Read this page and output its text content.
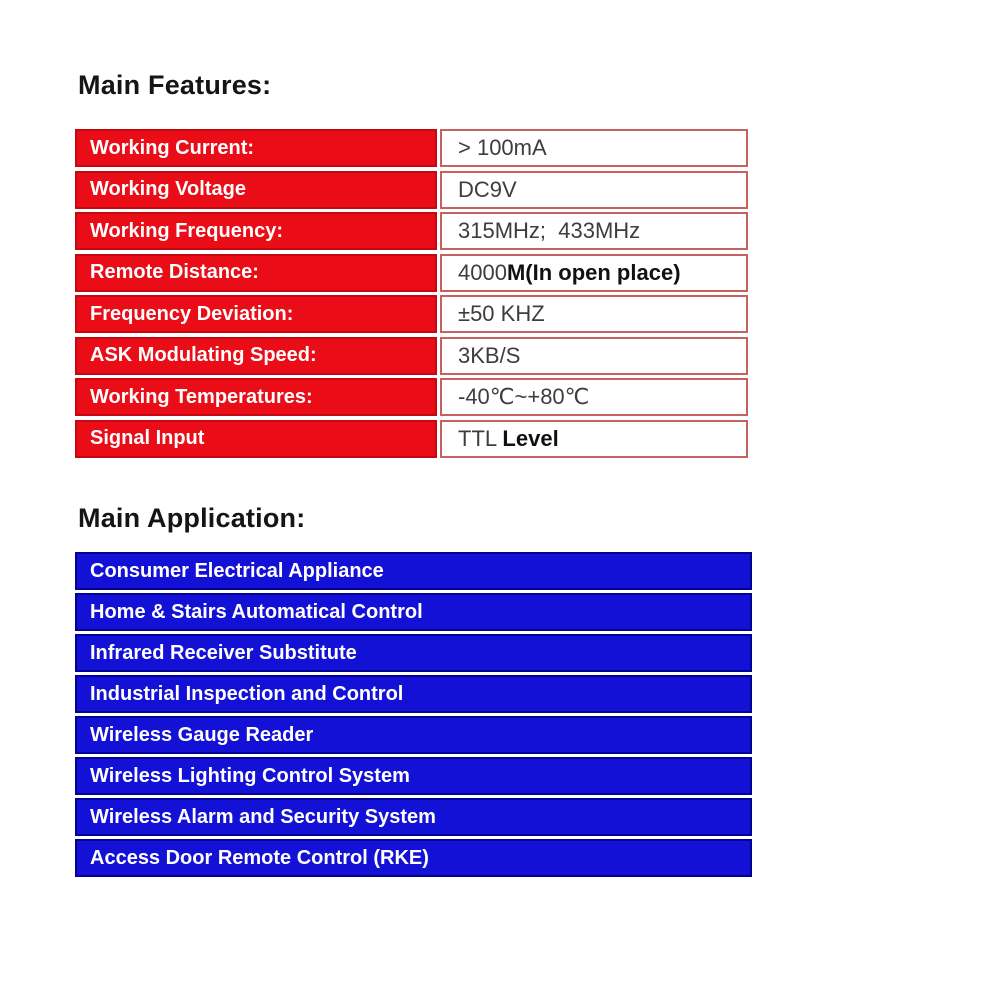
Main Features:
Working Current:	> 100mA
Working Voltage	DC9V
Working Frequency:	315MHz;  433MHz
Remote Distance:	4000 M(In open place)
Frequency Deviation:	±50 KHZ
ASK Modulating Speed:	3KB/S
Working Temperatures:	-40℃~+80℃
Signal Input	TTL Level
Main Application:
Consumer Electrical Appliance
Home & Stairs Automatical Control
Infrared Receiver Substitute
Industrial Inspection and Control
Wireless Gauge Reader
Wireless Lighting Control System
Wireless Alarm and Security System
Access Door Remote Control (RKE)
